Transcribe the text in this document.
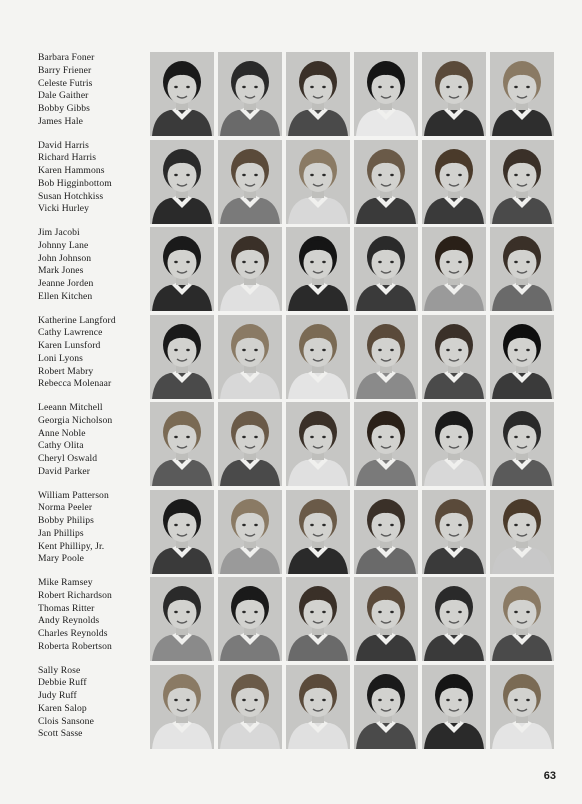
Barbara Foner
Barry Friener
Celeste Futris
Dale Gaither
Bobby Gibbs
James Hale
David Harris
Richard Harris
Karen Hammons
Bob Higginbottom
Susan Hotchkiss
Vicki Hurley
Jim Jacobi
Johnny Lane
John Johnson
Mark Jones
Jeanne Jorden
Ellen Kitchen
Katherine Langford
Cathy Lawrence
Karen Lunsford
Loni Lyons
Robert Mabry
Rebecca Molenaar
Leeann Mitchell
Georgia Nicholson
Anne Noble
Cathy Olita
Cheryl Oswald
David Parker
William Patterson
Norma Peeler
Bobby Philips
Jan Phillips
Kent Phillipy, Jr.
Mary Poole
Mike Ramsey
Robert Richardson
Thomas Ritter
Andy Reynolds
Charles Reynolds
Roberta Robertson
Sally Rose
Debbie Ruff
Judy Ruff
Karen Salop
Clois Sansone
Scott Sasse
63
